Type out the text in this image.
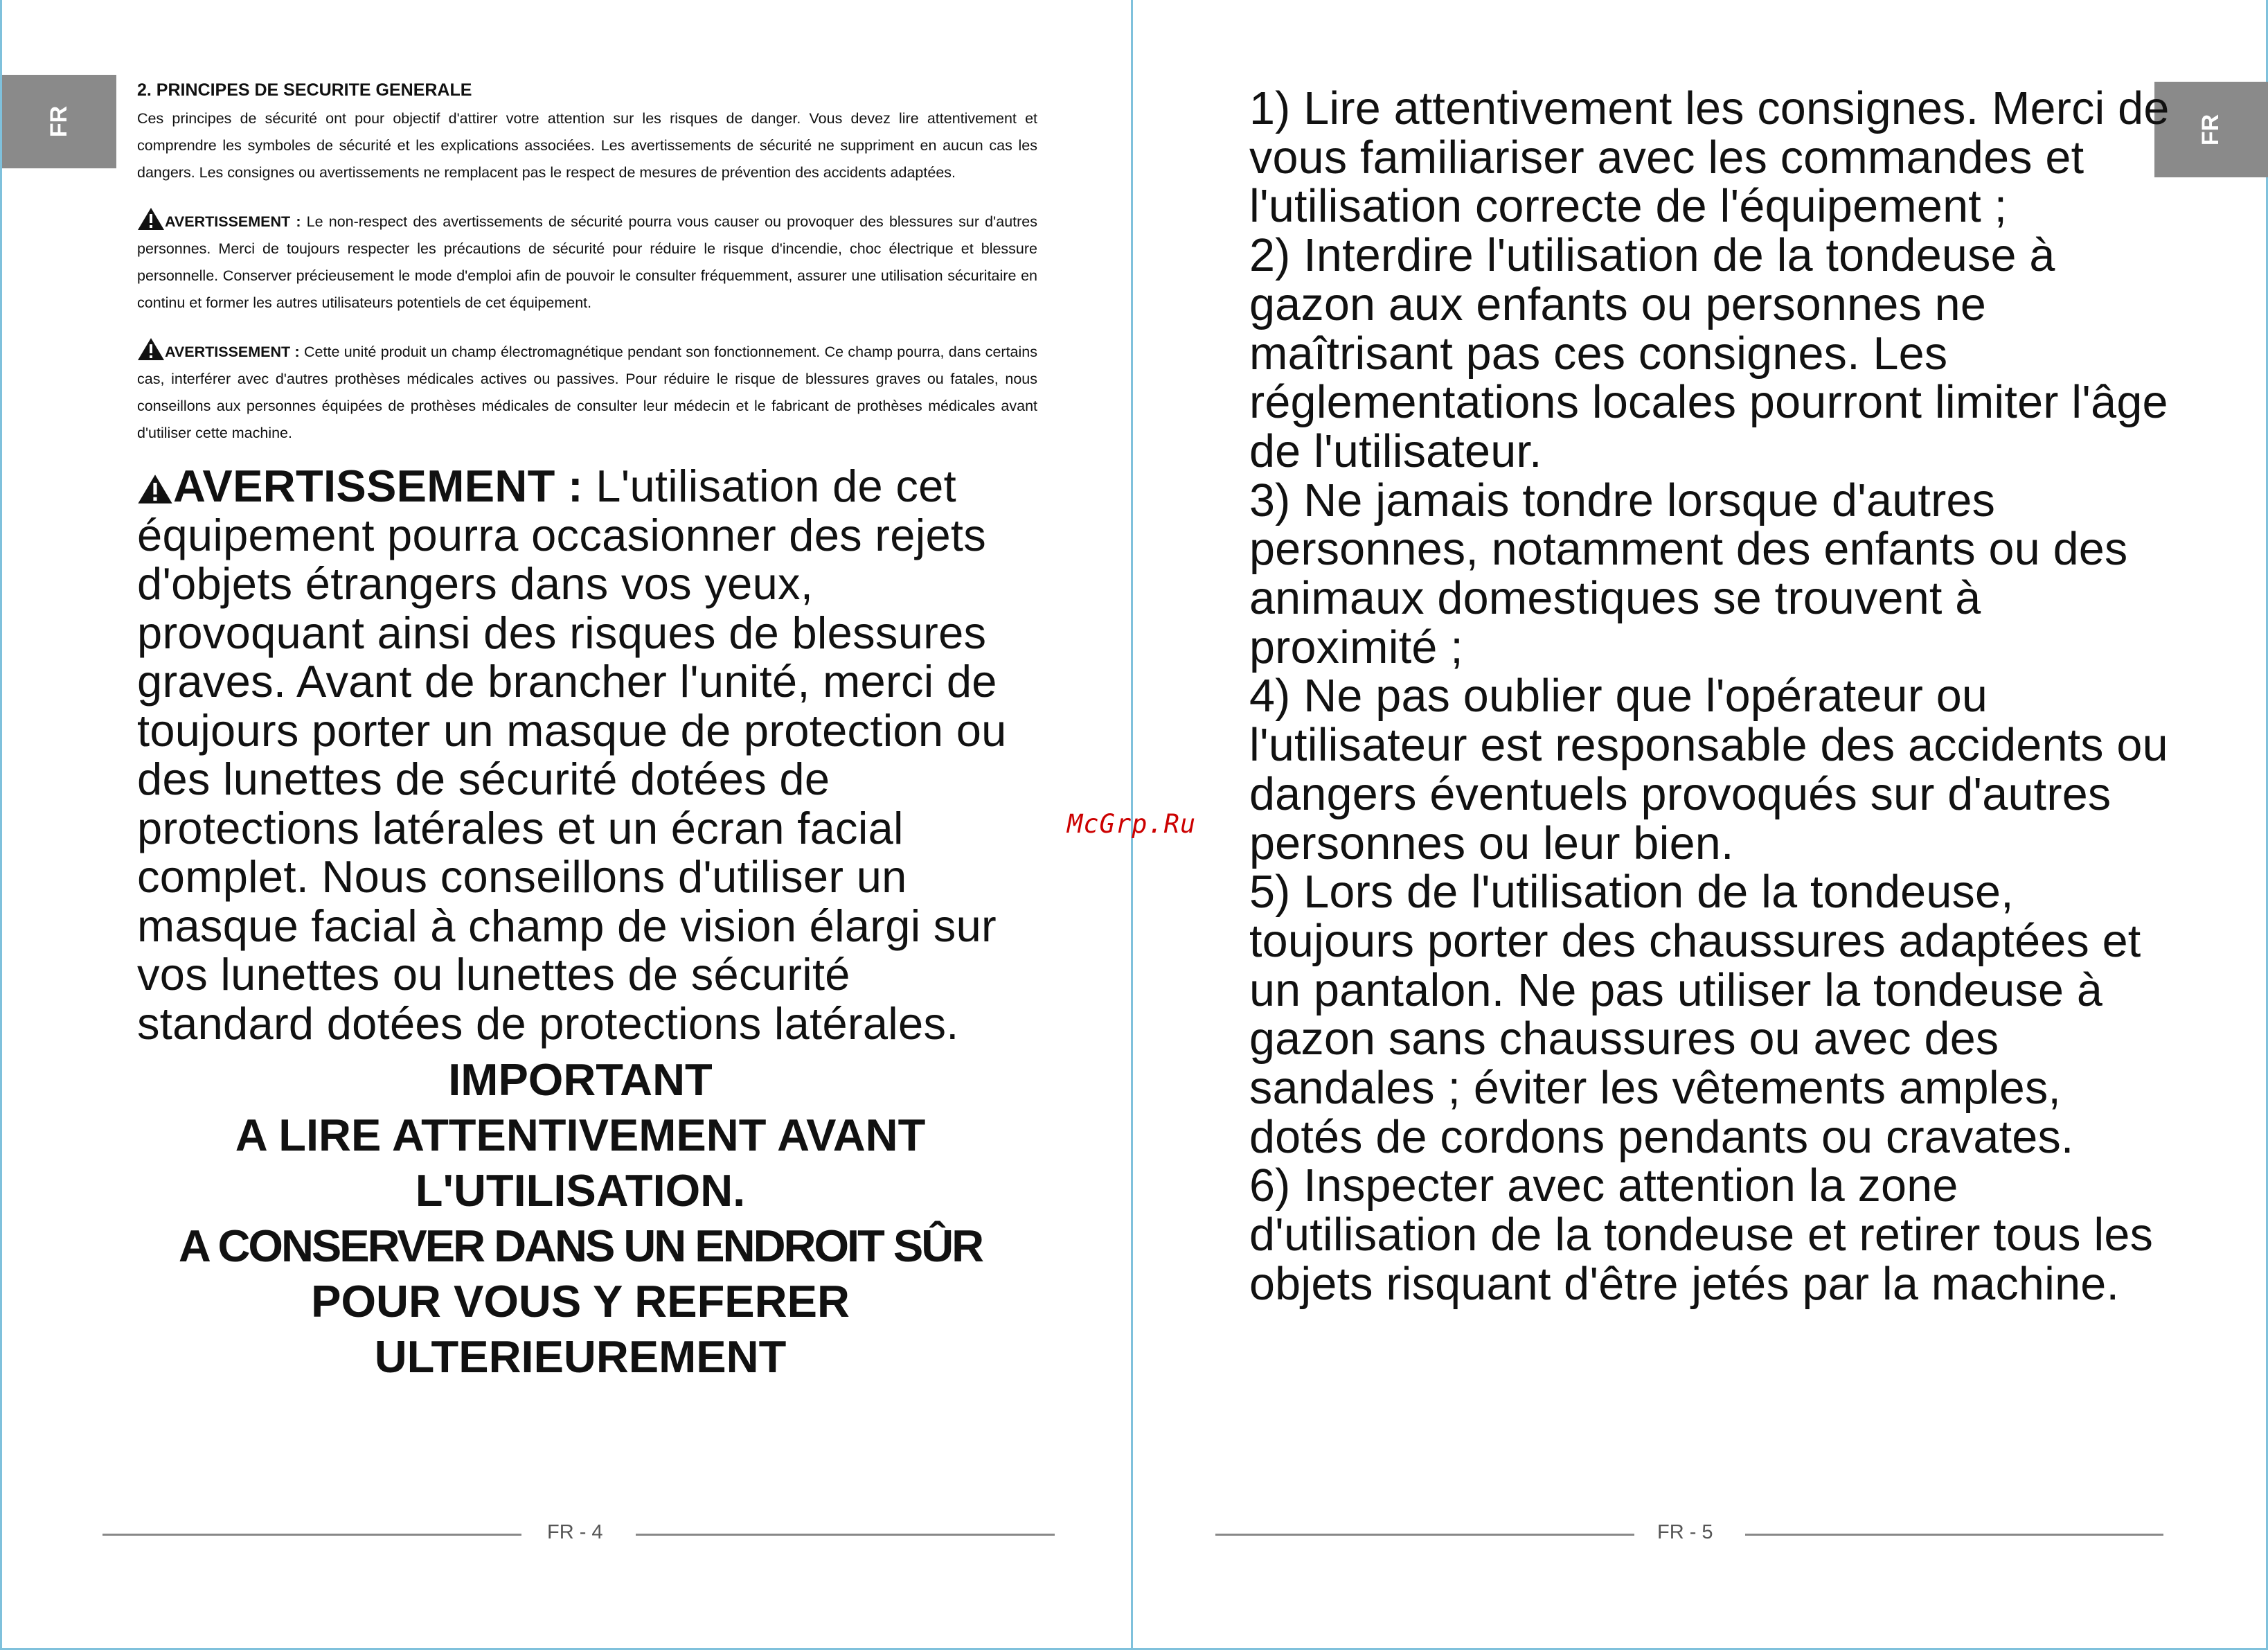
FR

2. PRINCIPES DE SECURITE GENERALE

Ces principes de sécurité ont pour objectif d'attirer votre attention sur les risques de danger. Vous devez lire attentivement et comprendre les symboles de sécurité et les explications associées. Les avertissements de sécurité ne suppriment en aucun cas les dangers. Les consignes ou avertissements ne remplacent pas le respect de mesures de prévention des accidents adaptées.

AVERTISSEMENT : Le non-respect des avertissements de sécurité pourra vous causer ou provoquer des blessures sur d'autres personnes. Merci de toujours respecter les précautions de sécurité pour réduire le risque d'incendie, choc électrique et blessure personnelle. Conserver précieusement le mode d'emploi afin de pouvoir le consulter fréquemment, assurer une utilisation sécuritaire en continu et former les autres utilisateurs potentiels de cet équipement.

AVERTISSEMENT : Cette unité produit un champ électromagnétique pendant son fonctionnement. Ce champ pourra, dans certains cas, interférer avec d'autres prothèses médicales actives ou passives. Pour réduire le risque de blessures graves ou fatales, nous conseillons aux personnes équipées de prothèses médicales de consulter leur médecin et le fabricant de prothèses médicales avant d'utiliser cette machine.

AVERTISSEMENT : L'utilisation de cet équipement pourra occasionner des rejets d'objets étrangers dans vos yeux, provoquant ainsi des risques de blessures graves. Avant de brancher l'unité, merci de toujours porter un masque de protection ou des lunettes de sécurité dotées de protections latérales et un écran facial complet. Nous conseillons d'utiliser un masque facial à champ de vision élargi sur vos lunettes ou lunettes de sécurité standard dotées de protections latérales.

IMPORTANT
A LIRE ATTENTIVEMENT AVANT
L'UTILISATION.
A CONSERVER DANS UN ENDROIT SÛR
POUR VOUS Y REFERER
ULTERIEUREMENT
FR - 4
FR

1) Lire attentivement les consignes. Merci de vous familiariser avec les commandes et l'utilisation correcte de l'équipement ;

2) Interdire l'utilisation de la tondeuse à gazon aux enfants ou personnes ne maîtrisant pas ces consignes. Les réglementations locales pourront limiter l'âge de l'utilisateur.

3) Ne jamais tondre lorsque d'autres personnes, notamment des enfants ou des animaux domestiques se trouvent à proximité ;

4) Ne pas oublier que l'opérateur ou l'utilisateur est responsable des accidents ou dangers éventuels provoqués sur d'autres personnes ou leur bien.

5) Lors de l'utilisation de la tondeuse, toujours porter des chaussures adaptées et un pantalon. Ne pas utiliser la tondeuse à gazon sans chaussures ou avec des sandales ; éviter les vêtements amples, dotés de cordons pendants ou cravates.

6) Inspecter avec attention la zone d'utilisation de la tondeuse et retirer tous les objets risquant d'être jetés par la machine.

FR - 5
McGrp.Ru
